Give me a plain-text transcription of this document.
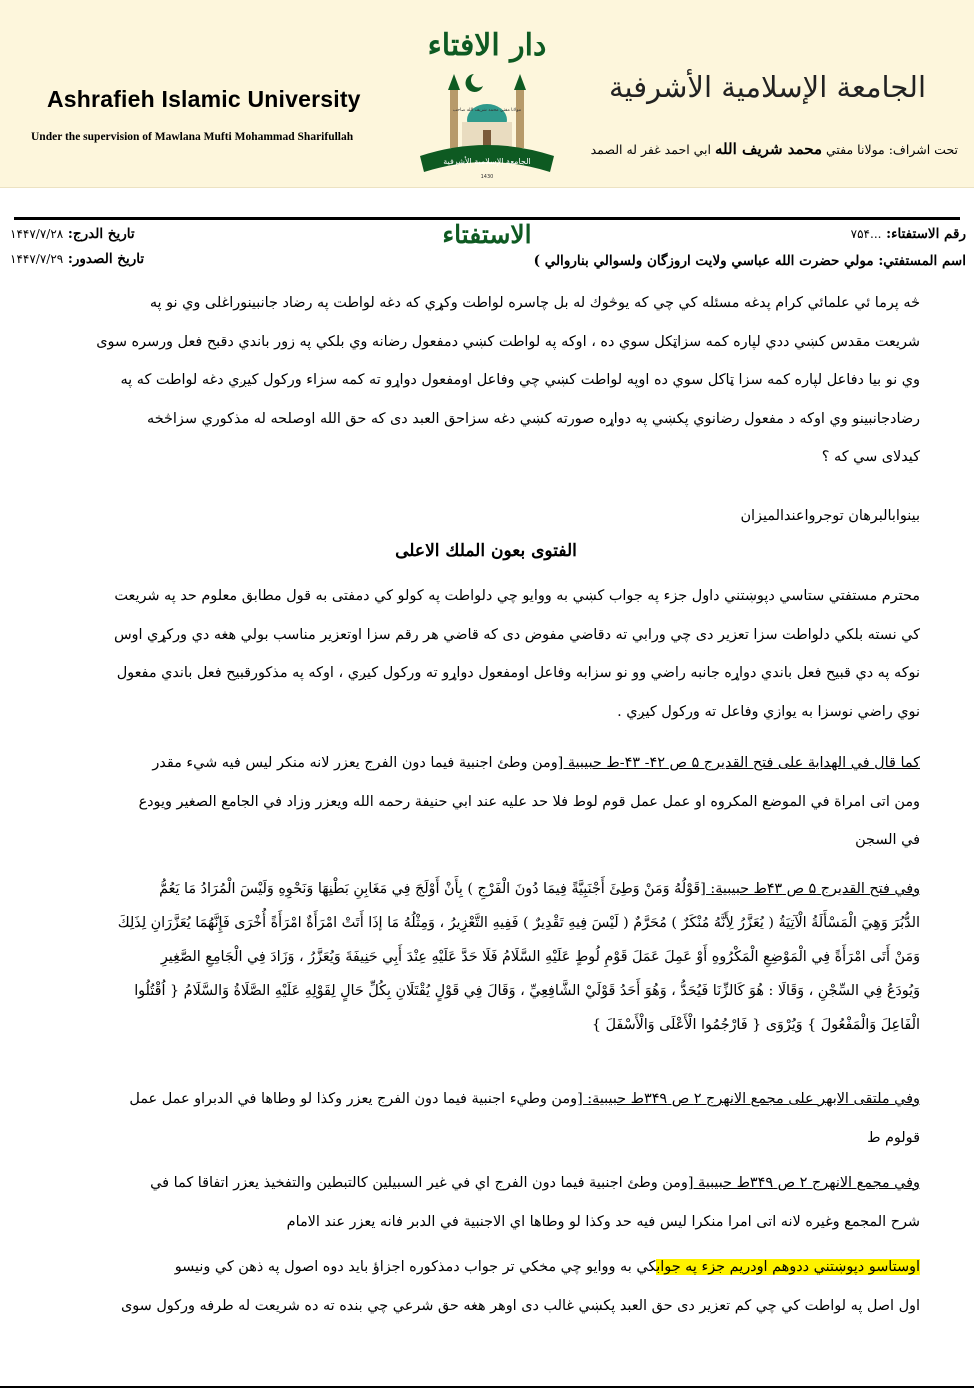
Ashrafieh Islamic University
Under the supervision of Mawlana Mufti Mohammad Sharifullah
دار الافتاء
الجامعة الإسلامية الأشرفية
تحت اشراف: مولانا مفتي محمد شریف الله ابي احمد غفر له الصمد
مولانا مفتي محمد شريف الله صاحب
الجامعة الإسلامية الأشرفية
1430
رقم الاستفتاء: ...۷۵۴
تاريخ الدرج: ۱۴۴۷/۷/۲۸
تاريخ الصدور: ۱۴۴۷/۷/۲۹	اسم المستفتي: مولي حضرت الله عباسي ولايت اروزگان ولسوالي بناروالي )
الاستفتاء
څه پرما ئي علمائي كرام پدغه مسئله كي چي كه يوڅوك له بل چاسره لواطت وكړي كه دغه لواطت په رضاد جانبينوراغلى وي نو په
شريعت مقدس كښي ددي لپاره كمه سزاټكل سوي ده ، اوكه په لواطت كښي دمفعول رضانه وي بلكي په زور باندي دقبح فعل ورسره سوى
وي نو بيا دفاعل لپاره كمه سزا ټاكل سوي ده اوپه لواطت كښي چي وفاعل اومفعول دواړو ته كمه سزاء وركول كيږي دغه لواطت كه په
رضادجانبينو وي اوكه د مفعول رضانوي پكښي په دواړه صورته كښي دغه سزاحق العبد دى كه حق الله اوصلحه له مذكوري سزاڅخه
كيدلاى سي كه ؟
بينوابالبرهان توجرواعندالميزان
الفتوى بعون الملك الاعلى
محترم مستفتي ستاسي دپوښتني داول جزء په جواب كښي به ووايو چي دلواطت په كولو كي دمفتى به قول مطابق معلوم حد په شريعت
كي نسته بلكي دلواطت سزا تعزير دى چي ورابي ته دقاضي مفوض دى كه قاضي هر رقم سزا اوتعزير مناسب بولي هغه دي وركړي اوس
نوكه په دي قبيح فعل باندي دواړه جانبه راضي وو نو سزابه وفاعل اومفعول دواړو ته وركول كيږي ، اوكه په مذكورقبيح فعل باندي مفعول
نوي راضي نوسزا به يوازي وفاعل ته وركول كيږي .
كما قال في الهداية على فتح القديرج ۵ ص ۴۲- ۴۳-ط حبيبية [ومن وطئ اجنبية فيما دون الفرج يعزر لانه منكر ليس فيه شيء مقدر
ومن اتى امراة في الموضع المكروه او عمل عمل قوم لوط فلا حد عليه عند ابي حنيفة رحمه الله ويعزر وزاد في الجامع الصغير ويودع
في السجن
وفي فتح القديرج ۵ ص ۴۳ط حبيبية: [قَوْلُهُ وَمَنْ وَطِئَ أَجْنَبِيَّةً فِيمَا دُونَ الْفَرْجِ ) بِأَنْ أَوْلَجَ فِي مَغَابِنِ بَطْنِهَا وَنَحْوِهِ وَلَيْسَ الْمُرَادُ مَا يَعُمُّ
الدُّبُرَ وَهِيَ الْمَسْأَلَةُ الْآتِيَةُ ( يُعَزَّرُ لِأَنَّهُ مُنْكَرٌ ) مُحَرَّمٌ ( لَيْسَ فِيهِ تَقْدِيرٌ ) فَفِيهِ التَّعْزِيرُ ، وَمِثْلُهُ مَا إذَا أَتَتْ امْرَأَةٌ امْرَأَةً أُخْرَى فَإِنَّهُمَا يُعَزَّرَانِ لِذَلِكَ
وَمَنْ أَتَى امْرَأَةً فِي الْمَوْضِعِ الْمَكْرُوهِ أَوْ عَمِلَ عَمَلَ قَوْمِ لُوطٍ عَلَيْهِ السَّلَامُ فَلَا حَدَّ عَلَيْهِ عِنْدَ أَبِي حَنِيفَةَ وَيُعَزَّرُ ، وَزَادَ فِي الْجَامِعِ الصَّغِيرِ
وَيُودَعُ فِي السِّجْنِ ، وَقَالَا : هُوَ كَالزِّنَا فَيُحَدُّ ، وَهُوَ أَحَدُ قَوْلَيْ الشَّافِعِيِّ ، وَقَالَ فِي قَوْلٍ يُقْتَلَانِ بِكُلِّ حَالٍ لِقَوْلِهِ عَلَيْهِ الصَّلَاةُ وَالسَّلَامُ { اُقْتُلُوا
الْفَاعِلَ وَالْمَفْعُولَ } وَيُرْوَى { فَارْجُمُوا الْأَعْلَى وَالْأَسْفَلَ }
وفي ملتقى الابهر على مجمع الانهرج ۲ ص ۳۴۹ط حبيبية: [ومن وطيء اجنبية فيما دون الفرج يعزر وكذا لو وطاها في الدبراو عمل عمل
قولوم ط
وفي مجمع الانهرج ۲ ص ۳۴۹ط حبيبية [ومن وطئ اجنبية فيما دون الفرج اي في غير السبيلين كالتبطين والتفخيذ يعزر اتفاقا كما في
شرح المجمع وغيره لانه اتى امرا منكرا ليس فيه حد وكذا لو وطاها اي الاجنبية في الدبر فانه يعزر عند الامام
اوستاسو دپوښتني ددوهم اودريم جزء په جوابكي به ووايو چي مخكي تر جواب دمذكوره اجزاؤ بايد دوه اصول په ذهن كي ونيسو
اول اصل په لواطت كي چي كم تعزير دى حق العبد پكښي غالب دى اوهر هغه حق شرعي چي بنده ته ده شريعت له طرفه وركول سوى
